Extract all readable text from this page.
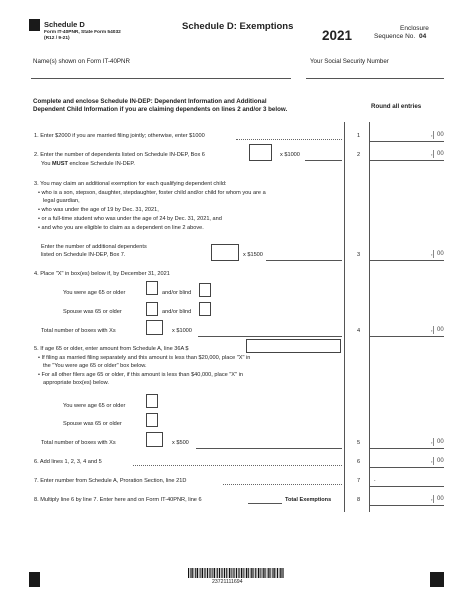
Schedule D
Form IT-40PNR, State Form 54032
(R12 / 9-21)
Schedule D: Exemptions
2021	Enclosure
Sequence No. 04
Name(s) shown on Form IT-40PNR	Your Social Security Number
Complete and enclose Schedule IN-DEP: Dependent Information and Additional
Dependent Child Information if you are claiming dependents on lines 2 and/or 3 below.	Round all entries
1. Enter $2000 if you are married filing jointly; otherwise, enter $1000	1	, 00
2. Enter the number of dependents listed on Schedule IN-DEP, Box 6	x $1000
You MUST enclose Schedule IN-DEP.
2	, 00
3. You may claim an additional exemption for each qualifying dependent child:
• who is a son, stepson, daughter, stepdaughter, foster child and/or child for whom you are a
legal guardian,
• who was under the age of 19 by Dec. 31, 2021,
• or a full-time student who was under the age of 24 by Dec. 31, 2021, and
• and who you are eligible to claim as a dependent on line 2 above.
Enter the number of additional dependents
listed on Schedule IN-DEP, Box 7.	x $1500	3	, 00
4. Place "X" in box(es) below if, by December 31, 2021
You were age 65 or older	and/or blind
Spouse was 65 or older	and/or blind
Total number of boxes with Xs	x $1000	4	, 00
5. If age 65 or older, enter amount from Schedule A, line 36A $
• If filing as married filing separately and this amount is less than $20,000, place "X" in
the "You were age 65 or older" box below.
• For all other filers age 65 or older, if this amount is less than $40,000, place "X" in
appropriate box(es) below.
You were age 65 or older
Spouse was 65 or older
Total number of boxes with Xs	x $500	5	, 00
6. Add lines 1, 2, 3, 4 and 5	6	, 00
7. Enter number from Schedule A, Proration Section, line 21D	7 .
8. Multiply line 6 by line 7. Enter here and on Form IT-40PNR, line 6	Total Exemptions	8	, 00
23721111694
